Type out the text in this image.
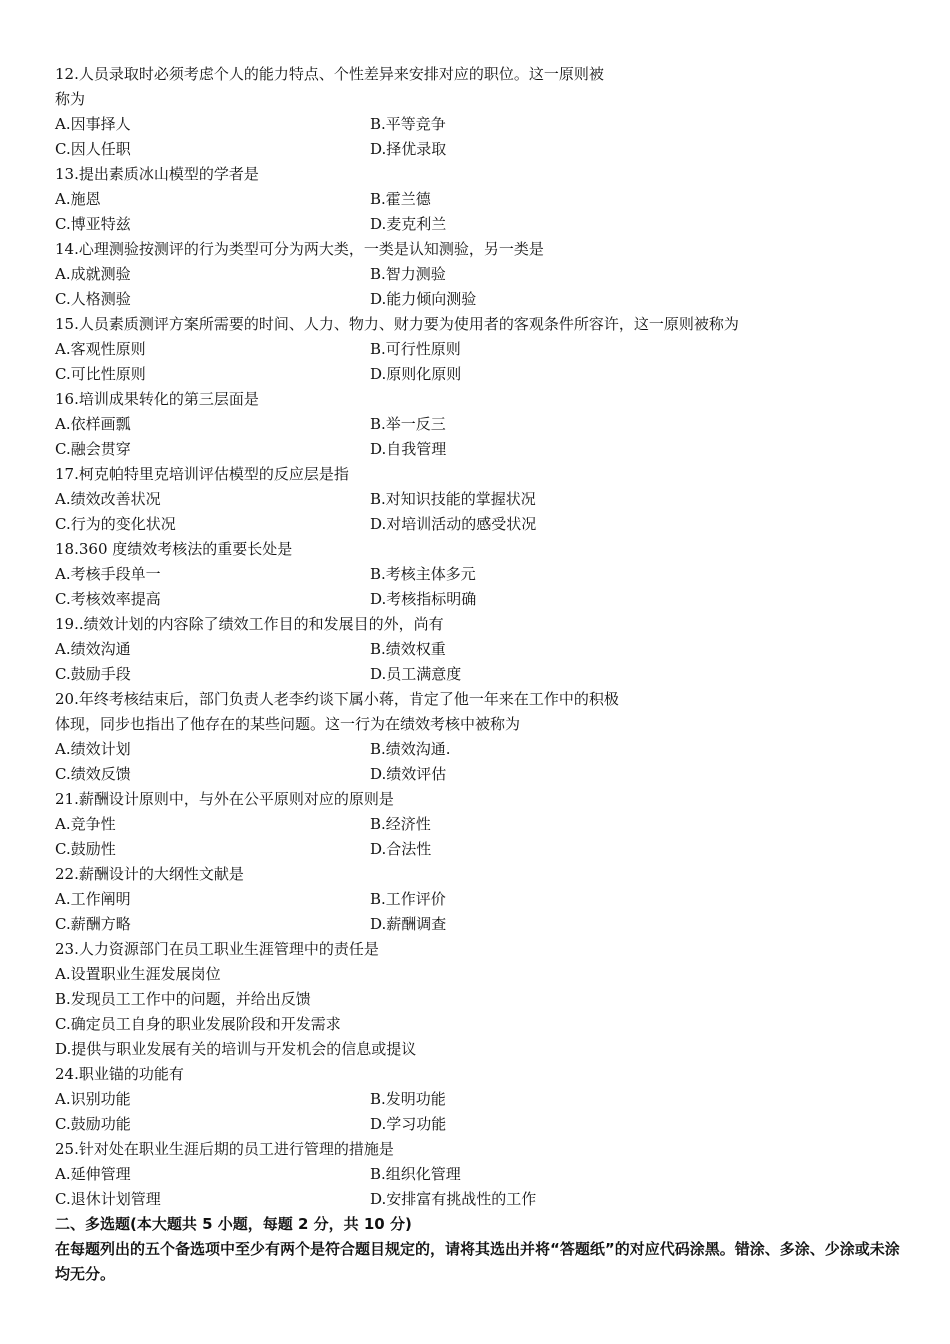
12.人员录取时必须考虑个人的能力特点、个性差异来安排对应的职位。这一原则被
称为
A.因事择人	B.平等竞争
C.因人任职	D.择优录取
13.提出素质冰山模型的学者是
A.施恩	B.霍兰德
C.博亚特兹	D.麦克利兰
14.心理测验按测评的行为类型可分为两大类，一类是认知测验，另一类是
A.成就测验	B.智力测验
C.人格测验	D.能力倾向测验
15.人员素质测评方案所需要的时间、人力、物力、财力要为使用者的客观条件所容许，这一原则被称为
A.客观性原则	B.可行性原则
C.可比性原则	D.原则化原则
16.培训成果转化的第三层面是
A.依样画瓢	B.举一反三
C.融会贯穿	D.自我管理
17.柯克帕特里克培训评估模型的反应层是指
A.绩效改善状况	B.对知识技能的掌握状况
C.行为的变化状况	D.对培训活动的感受状况
18.360 度绩效考核法的重要长处是
A.考核手段单一	B.考核主体多元
C.考核效率提高	D.考核指标明确
19..绩效计划的内容除了绩效工作目的和发展目的外，尚有
A.绩效沟通	B.绩效权重
C.鼓励手段	D.员工满意度
20.年终考核结束后，部门负责人老李约谈下属小蒋，肯定了他一年来在工作中的积极
体现，同步也指出了他存在的某些问题。这一行为在绩效考核中被称为
A.绩效计划	B.绩效沟通.
C.绩效反馈	D.绩效评估
21.薪酬设计原则中，与外在公平原则对应的原则是
A.竞争性	B.经济性
C.鼓励性	D.合法性
22.薪酬设计的大纲性文献是
A.工作阐明	B.工作评价
C.薪酬方略	D.薪酬调查
23.人力资源部门在员工职业生涯管理中的责任是
A.设置职业生涯发展岗位
B.发现员工工作中的问题，并给出反馈
C.确定员工自身的职业发展阶段和开发需求
D.提供与职业发展有关的培训与开发机会的信息或提议
24.职业锚的功能有
A.识别功能	B.发明功能
C.鼓励功能	D.学习功能
25.针对处在职业生涯后期的员工进行管理的措施是
A.延伸管理	B.组织化管理
C.退休计划管理	D.安排富有挑战性的工作
二、多选题(本大题共 5 小题，每题 2 分，共 10 分)
在每题列出的五个备选项中至少有两个是符合题目规定的，请将其选出并将“答题纸”的对应代码涂黑。错涂、多涂、少涂或未涂均无分。
